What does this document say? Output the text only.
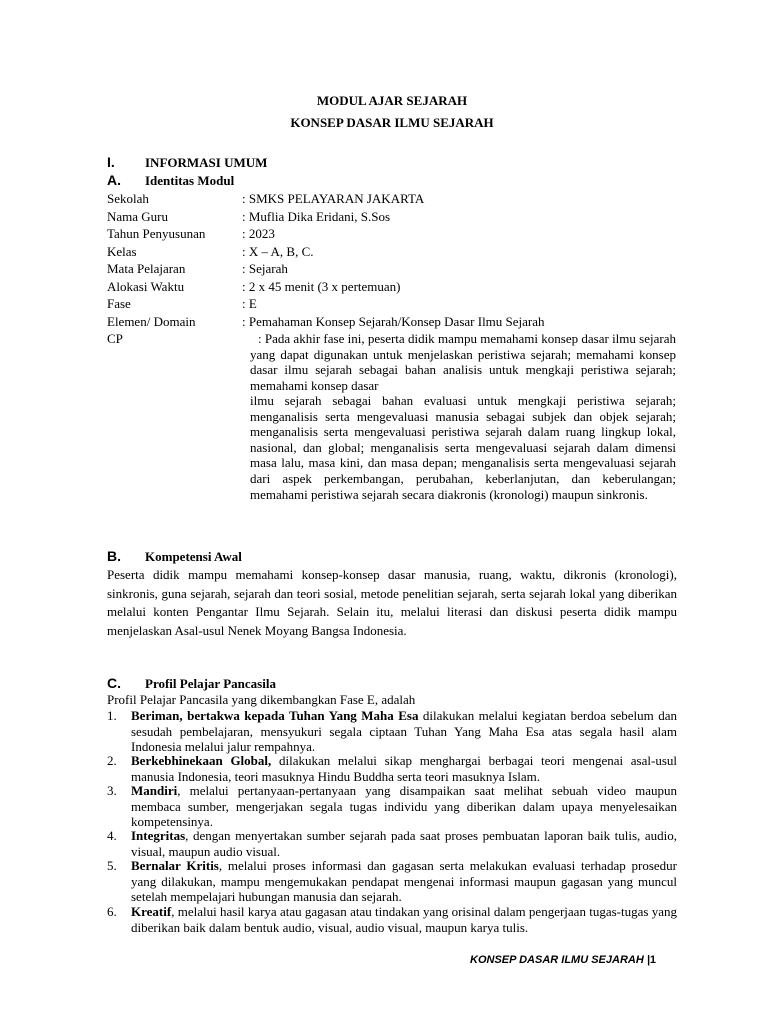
MODUL AJAR SEJARAH
KONSEP DASAR ILMU SEJARAH
I. INFORMASI UMUM
A. Identitas Modul
Sekolah	: SMKS PELAYARAN JAKARTA
Nama Guru	: Muflia Dika Eridani, S.Sos
Tahun Penyusunan	: 2023
Kelas	: X – A, B, C.
Mata Pelajaran	: Sejarah
Alokasi Waktu	: 2 x 45 menit (3 x pertemuan)
Fase	: E
Elemen/ Domain	: Pemahaman Konsep Sejarah/Konsep Dasar Ilmu Sejarah
CP	: Pada akhir fase ini, peserta didik mampu memahami konsep dasar ilmu sejarah yang dapat digunakan untuk menjelaskan peristiwa sejarah; memahami konsep dasar ilmu sejarah sebagai bahan analisis untuk mengkaji peristiwa sejarah; memahami konsep dasar
ilmu sejarah sebagai bahan evaluasi untuk mengkaji peristiwa sejarah; menganalisis serta mengevaluasi manusia sebagai subjek dan objek sejarah; menganalisis serta mengevaluasi peristiwa sejarah dalam ruang lingkup lokal, nasional, dan global; menganalisis serta mengevaluasi sejarah dalam dimensi masa lalu, masa kini, dan masa depan; menganalisis serta mengevaluasi sejarah dari aspek perkembangan, perubahan, keberlanjutan, dan keberulangan; memahami peristiwa sejarah secara diakronis (kronologi) maupun sinkronis.
B. Kompetensi Awal
Peserta didik mampu memahami konsep-konsep dasar manusia, ruang, waktu, dikronis (kronologi), sinkronis, guna sejarah, sejarah dan teori sosial, metode penelitian sejarah, serta sejarah lokal yang diberikan melalui konten Pengantar Ilmu Sejarah. Selain itu, melalui literasi dan diskusi peserta didik mampu menjelaskan Asal-usul Nenek Moyang Bangsa Indonesia.
C. Profil Pelajar Pancasila
Profil Pelajar Pancasila yang dikembangkan Fase E, adalah
1. Beriman, bertakwa kepada Tuhan Yang Maha Esa dilakukan melalui kegiatan berdoa sebelum dan sesudah pembelajaran, mensyukuri segala ciptaan Tuhan Yang Maha Esa atas segala hasil alam Indonesia melalui jalur rempahnya.
2. Berkebhinekaan Global, dilakukan melalui sikap menghargai berbagai teori mengenai asal-usul manusia Indonesia, teori masuknya Hindu Buddha serta teori masuknya Islam.
3. Mandiri, melalui pertanyaan-pertanyaan yang disampaikan saat melihat sebuah video maupun membaca sumber, mengerjakan segala tugas individu yang diberikan dalam upaya menyelesaikan kompetensinya.
4. Integritas, dengan menyertakan sumber sejarah pada saat proses pembuatan laporan baik tulis, audio, visual, maupun audio visual.
5. Bernalar Kritis, melalui proses informasi dan gagasan serta melakukan evaluasi terhadap prosedur yang dilakukan, mampu mengemukakan pendapat mengenai informasi maupun gagasan yang muncul setelah mempelajari hubungan manusia dan sejarah.
6. Kreatif, melalui hasil karya atau gagasan atau tindakan yang orisinal dalam pengerjaan tugas-tugas yang diberikan baik dalam bentuk audio, visual, audio visual, maupun karya tulis.
KONSEP DASAR ILMU SEJARAH |1
